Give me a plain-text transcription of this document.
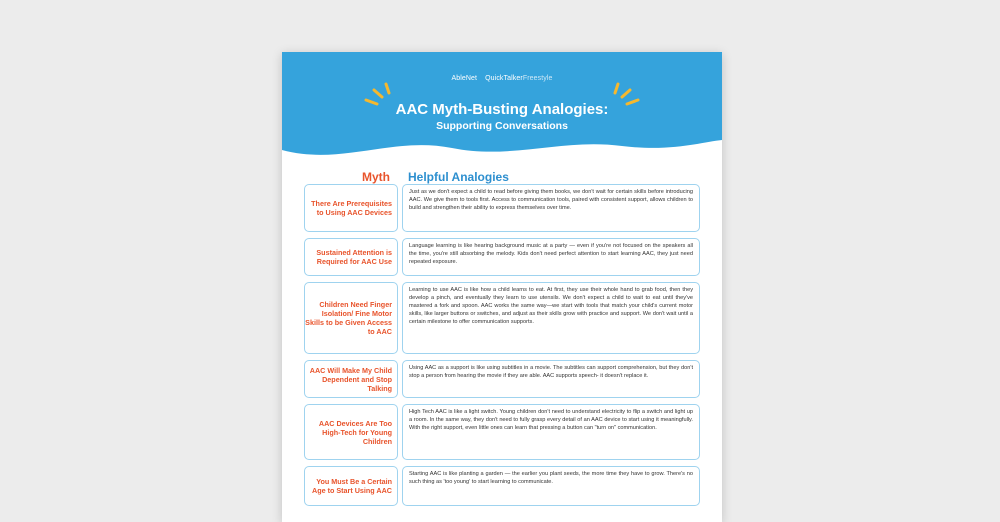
AbleNet QuickTalkerFreestyle
AAC Myth-Busting Analogies:
Supporting Conversations
Myth Helpful Analogies
There Are Prerequisites to Using AAC Devices
Just as we don't expect a child to read before giving them books, we don't wait for certain skills before introducing AAC. We give them to tools first. Access to communication tools, paired with consistent support, allows children to build and strengthen their ability to express themselves over time.
Sustained Attention is Required for AAC Use
Language learning is like hearing background music at a party — even if you're not focused on the speakers all the time, you're still absorbing the melody. Kids don't need perfect attention to start learning AAC, they just need repeated exposure.
Children Need Finger Isolation/ Fine Motor Skills to be Given Access to AAC
Learning to use AAC is like how a child learns to eat. At first, they use their whole hand to grab food, then they develop a pinch, and eventually they learn to use utensils. We don't expect a child to wait to eat until they've mastered a fork and spoon. AAC works the same way—we start with tools that match your child's current motor skills, like larger buttons or switches, and adjust as their skills grow with practice and support. We don't wait until a certain milestone to offer communication supports.
AAC Will Make My Child Dependent and Stop Talking
Using AAC as a support is like using subtitles in a movie. The subtitles can support comprehension, but they don't stop a person from hearing the movie if they are able. AAC supports speech- it doesn't replace it.
AAC Devices Are Too High-Tech for Young Children
High Tech AAC is like a light switch. Young children don't need to understand electricity to flip a switch and light up a room. In the same way, they don't need to fully grasp every detail of an AAC device to start using it meaningfully. With the right support, even little ones can learn that pressing a button can "turn on" communication.
You Must Be a Certain Age to Start Using AAC
Starting AAC is like planting a garden — the earlier you plant seeds, the more time they have to grow. There's no such thing as 'too young' to start learning to communicate.
